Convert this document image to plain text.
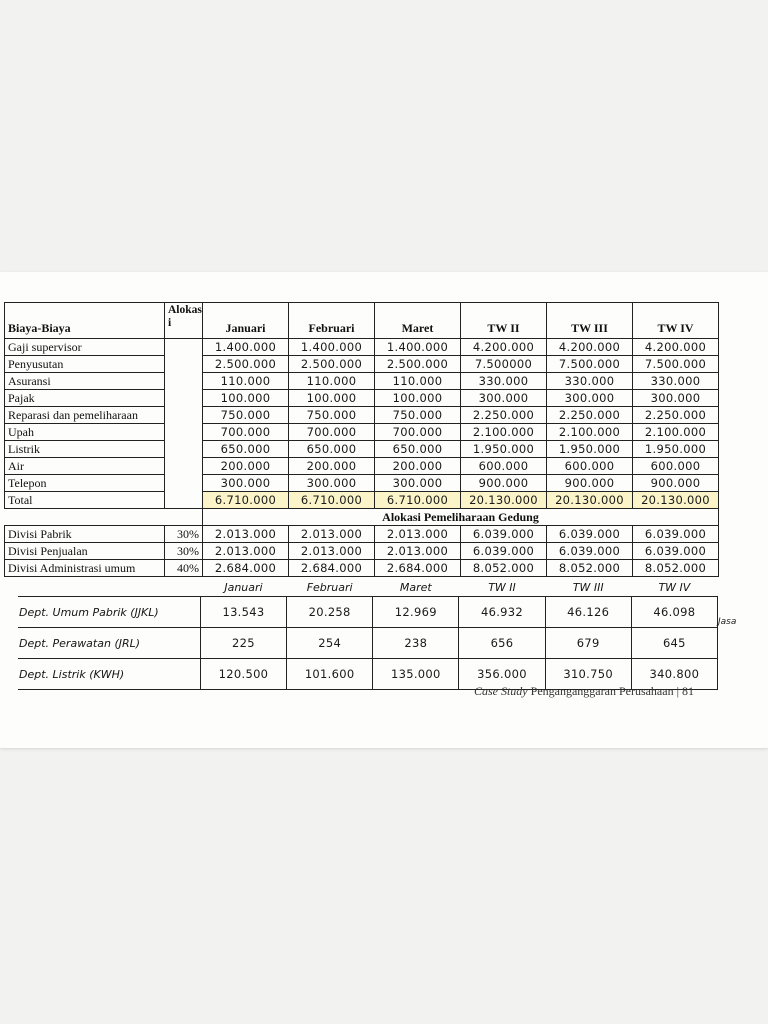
Biaya-Biaya	Alokasi	Januari	Februari	Maret	TW II	TW III	TW IV
Gaji supervisor		1.400.000	1.400.000	1.400.000	4.200.000	4.200.000	4.200.000
Penyusutan		2.500.000	2.500.000	2.500.000	7.500000	7.500.000	7.500.000
Asuransi		110.000	110.000	110.000	330.000	330.000	330.000
Pajak		100.000	100.000	100.000	300.000	300.000	300.000
Reparasi dan pemeliharaan		750.000	750.000	750.000	2.250.000	2.250.000	2.250.000
Upah		700.000	700.000	700.000	2.100.000	2.100.000	2.100.000
Listrik		650.000	650.000	650.000	1.950.000	1.950.000	1.950.000
Air		200.000	200.000	200.000	600.000	600.000	600.000
Telepon		300.000	300.000	300.000	900.000	900.000	900.000
Total		6.710.000	6.710.000	6.710.000	20.130.000	20.130.000	20.130.000
		Alokasi Pemeliharaan Gedung					
Divisi Pabrik	30%	2.013.000	2.013.000	2.013.000	6.039.000	6.039.000	6.039.000
Divisi Penjualan	30%	2.013.000	2.013.000	2.013.000	6.039.000	6.039.000	6.039.000
Divisi Administrasi umum	40%	2.684.000	2.684.000	2.684.000	8.052.000	8.052.000	8.052.000
	Januari	Februari	Maret	TW II	TW III	TW IV
Dept. Umum Pabrik (JJKL)	13.543	20.258	12.969	46.932	46.126	46.098
Dept. Perawatan (JRL)	225	254	238	656	679	645
Dept. Listrik (KWH)	120.500	101.600	135.000	356.000	310.750	340.800
Jasa
Case Study Penganganggaran Perusahaan | 81
